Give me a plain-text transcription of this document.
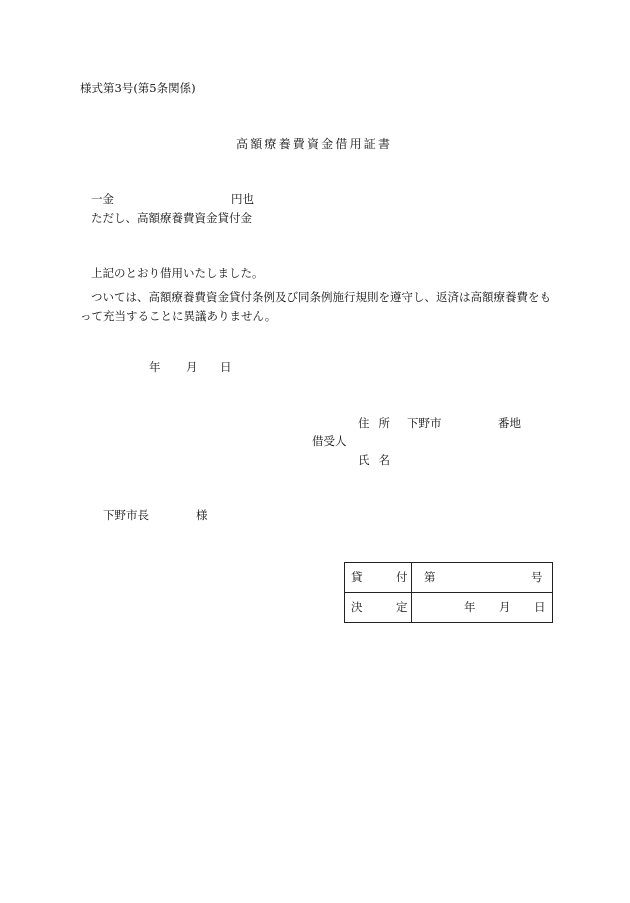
様式第3号(第5条関係)
高額療養費資金借用証書
一金	円也
ただし、高額療養費資金貸付金
上記のとおり借用いたしました。
ついては、高額療養費資金貸付条例及び同条例施行規則を遵守し、返済は高額療養費をもって充当することに異議ありません。
年 月 日
住所 下野市	番地
借受人
氏名
下野市長	様
貸 付	第 号

決 定	年 月 日
